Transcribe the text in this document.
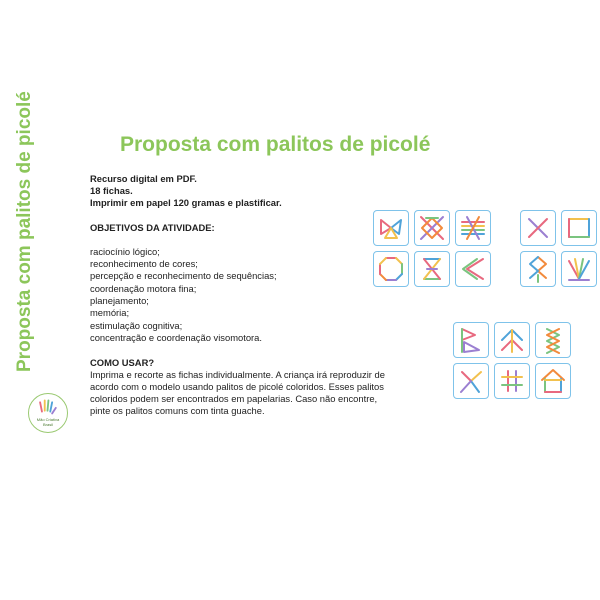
Proposta com palitos de picolé
Mão Criativa
Brasil
Proposta com palitos de picolé
Recurso digital em PDF.
18 fichas.
Imprimir em papel 120 gramas e plastificar.
OBJETIVOS DA ATIVIDADE:
raciocínio lógico;
reconhecimento de cores;
percepção e reconhecimento de sequências;
coordenação motora fina;
planejamento;
memória;
estimulação cognitiva;
concentração e coordenação visomotora.
COMO USAR?
Imprima e recorte as fichas individualmente. A criança irá reproduzir de
acordo com o modelo usando palitos de picolé coloridos. Esses palitos
coloridos podem ser encontrados em papelarias. Caso não encontre,
pinte os palitos comuns com tinta guache.
